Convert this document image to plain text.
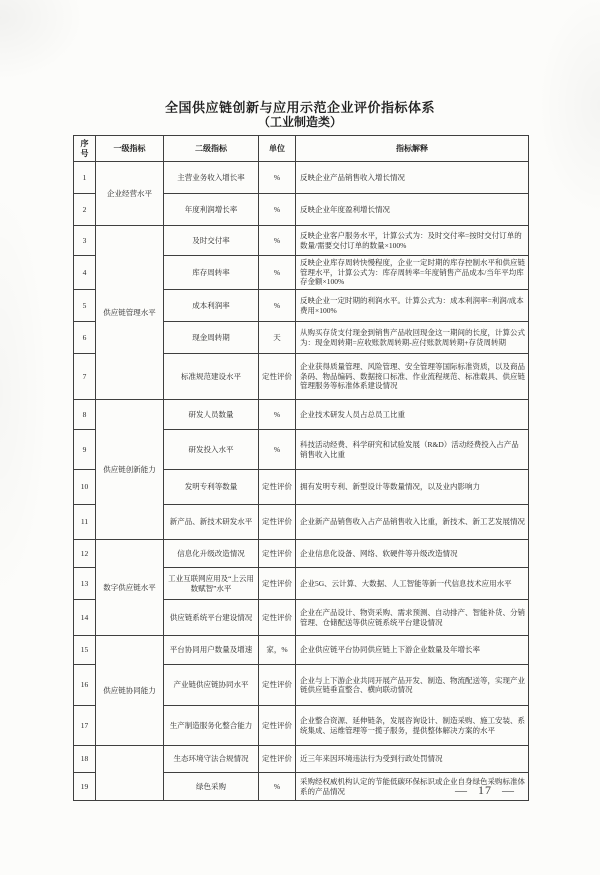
全国供应链创新与应用示范企业评价指标体系
（工业制造类）
序号	一级指标	二级指标	单位	指标解释
1	企业经营水平	主营业务收入增长率	%	反映企业产品销售收入增长情况
2		年度利润增长率	%	反映企业年度盈利增长情况
3	供应链管理水平	及时交付率	%	反映企业客户服务水平，计算公式为：及时交付率=按时交付订单的数量/需要交付订单的数量×100%
4		库存周转率	%	反映企业库存周转快慢程度，企业一定时期的库存控制水平和供应链管理水平，计算公式为：库存周转率=年度销售产品成本/当年平均库存金额×100%
5		成本利润率	%	反映企业一定时期的利润水平。计算公式为：成本利润率=利润/成本费用×100%
6		现金周转期	天	从购买存货支付现金到销售产品收回现金这一期间的长度，计算公式为：现金周转期=应收账款周转期-应付账款周转期+存货周转期
7		标准规范建设水平	定性评价	企业获得质量管理、风险管理、安全管理等国际标准资质，以及商品条码、物品编码、数据接口标准、作业流程规范、标准载具、供应链管理服务等标准体系建设情况
8	供应链创新能力	研发人员数量	%	企业技术研发人员占总员工比重
9		研发投入水平	%	科技活动经费、科学研究和试验发展（R&D）活动经费投入占产品销售收入比重
10		发明专利等数量	定性评价	拥有发明专利、新型设计等数量情况，以及业内影响力
11		新产品、新技术研发水平	定性评价	企业新产品销售收入占产品销售收入比重，新技术、新工艺发展情况
12	数字供应链水平	信息化升级改造情况	定性评价	企业信息化设备、网络、软硬件等升级改造情况
13		工业互联网应用及“上云用数赋智”水平	定性评价	企业5G、云计算、大数据、人工智能等新一代信息技术应用水平
14		供应链系统平台建设情况	定性评价	企业在产品设计、物资采购、需求预测、自动排产、智能补货、分销管理、仓储配送等供应链系统平台建设情况
15	供应链协同能力	平台协同用户数量及增速	家，%	企业供应链平台协同供应链上下游企业数量及年增长率
16		产业链供应链协同水平	定性评价	企业与上下游企业共同开展产品开发、制造、物流配送等，实现产业链供应链垂直整合、横向联动情况
17		生产制造服务化整合能力	定性评价	企业整合资源、延伸链条，发展咨询设计、制造采购、施工安装、系统集成、运维管理等一揽子服务，提供整体解决方案的水平
18		生态环境守法合规情况	定性评价	近三年来因环境违法行为受到行政处罚情况
19		绿色采购	%	采购经权威机构认定的节能低碳环保标识或企业自身绿色采购标准体系的产品情况	— 17 —
